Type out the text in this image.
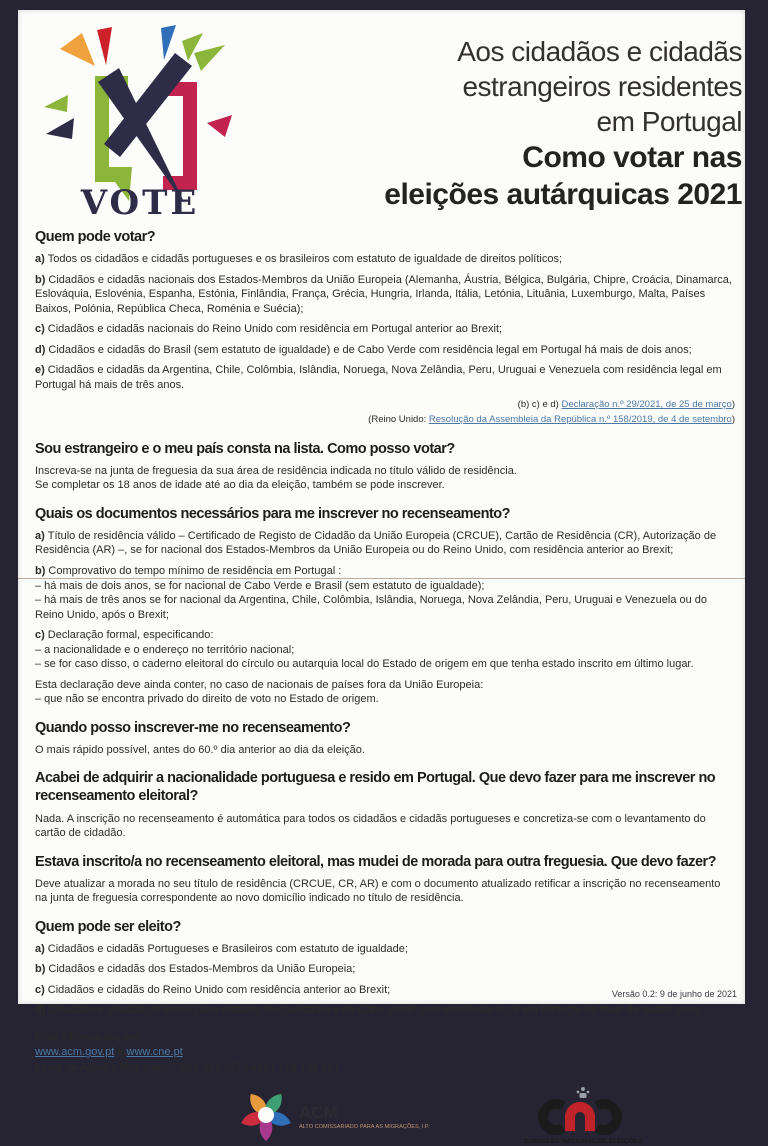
VOTE
Aos cidadãos e cidadãs
estrangeiros residentes
em Portugal
Como votar nas
eleições autárquicas 2021
Quem pode votar?
a) Todos os cidadãos e cidadãs portugueses e os brasileiros com estatuto de igualdade de direitos políticos;
b) Cidadãos e cidadãs nacionais dos Estados-Membros da União Europeia (Alemanha, Áustria, Bélgica, Bulgária, Chipre, Croácia, Dinamarca, Eslováquia, Eslovénia, Espanha, Estónia, Finlândia, França, Grécia, Hungria, Irlanda, Itália, Letónia, Lituânia, Luxemburgo, Malta, Países Baixos, Polónia, República Checa, Roménia e Suécia);
c) Cidadãos e cidadãs nacionais do Reino Unido com residência em Portugal anterior ao Brexit;
d) Cidadãos e cidadãs do Brasil (sem estatuto de igualdade) e de Cabo Verde com residência legal em Portugal há mais de dois anos;
e) Cidadãos e cidadãs da Argentina, Chile, Colômbia, Islândia, Noruega, Nova Zelândia, Peru, Uruguai e Venezuela com residência legal em Portugal há mais de três anos.
(b) c) e d) Declaração n.º 29/2021, de 25 de março)
(Reino Unido: Resolução da Assembleia da República n.º 158/2019, de 4 de setembro)
Sou estrangeiro e o meu país consta na lista. Como posso votar?
Inscreva-se na junta de freguesia da sua área de residência indicada no título válido de residência.
Se completar os 18 anos de idade até ao dia da eleição, também se pode inscrever.
Quais os documentos necessários para me inscrever no recenseamento?
a) Título de residência válido – Certificado de Registo de Cidadão da União Europeia (CRCUE), Cartão de Residência (CR), Autorização de Residência (AR) –, se for nacional dos Estados-Membros da União Europeia ou do Reino Unido, com residência anterior ao Brexit;
b) Comprovativo do tempo mínimo de residência em Portugal :
– há mais de dois anos, se for nacional de Cabo Verde e Brasil (sem estatuto de igualdade);
– há mais de três anos se for nacional da Argentina, Chile, Colômbia, Islândia, Noruega, Nova Zelândia, Peru, Uruguai e Venezuela ou do Reino Unido, após o Brexit;
c) Declaração formal, especificando:
– a nacionalidade e o endereço no território nacional;
– se for caso disso, o caderno eleitoral do círculo ou autarquia local do Estado de origem em que tenha estado inscrito em último lugar.
Esta declaração deve ainda conter, no caso de nacionais de países fora da União Europeia:
– que não se encontra privado do direito de voto no Estado de origem.
Quando posso inscrever-me no recenseamento?
O mais rápido possível, antes do 60.º dia anterior ao dia da eleição.
Acabei de adquirir a nacionalidade portuguesa e resido em Portugal. Que devo fazer para me inscrever no recenseamento eleitoral?
Nada. A inscrição no recenseamento é automática para todos os cidadãos e cidadãs portugueses e concretiza-se com o levantamento do cartão de cidadão.
Estava inscrito/a no recenseamento eleitoral, mas mudei de morada para outra freguesia. Que devo fazer?
Deve atualizar a morada no seu título de residência (CRCUE, CR, AR) e com o documento atualizado retificar a inscrição no recenseamento na junta de freguesia correspondente ao novo domicílio indicado no título de residência.
Quem pode ser eleito?
a) Cidadãos e cidadãs Portugueses e Brasileiros com estatuto de igualdade;
b) Cidadãos e cidadãs dos Estados-Membros da União Europeia;
c) Cidadãos e cidadãs do Reino Unido com residência anterior ao Brexit;
d) Cidadãos e cidadãs do Brasil (sem estatuto de igualdade) e de Cabo Verde com residência legal em Portugal há mais de quatro anos.
Mais informações em:
www.acm.gov.pt e www.cne.pt
Linha de Apoio a Migrantes – 808 257 257 | +351 218 106 191
ACM
ALTO COMISSARIADO PARA AS MIGRAÇÕES, I.P.
COMISSÃO NACIONAL DE ELEIÇÕES
Versão 0.2: 9 de junho de 2021
